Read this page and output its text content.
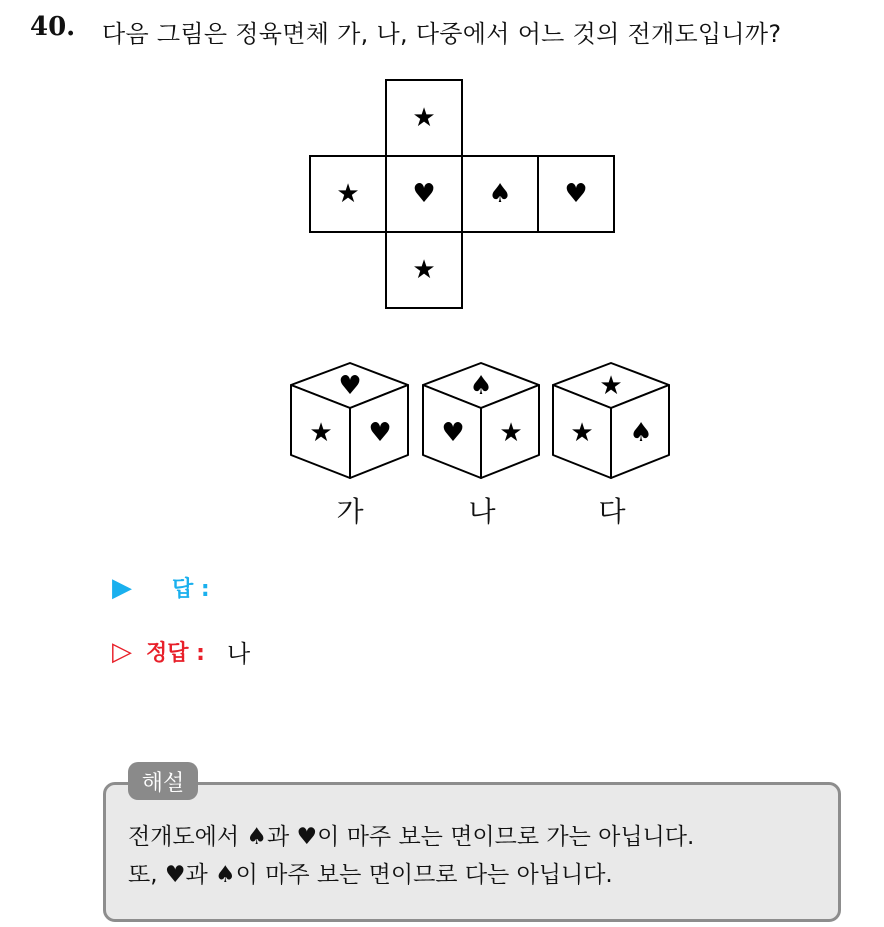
40. 다음 그림은 정육면체 가, 나, 다중에서 어느 것의 전개도입니까?
★
★ ♥ ♠ ♥
★
♥
★ ♥
♠
♥ ★
★
★ ♠
가	나	다
▶	답 :
▷ 정답 : 나
해설
전개도에서 ♠과 ♥이 마주 보는 면이므로 가는 아닙니다.
또, ♥과 ♠이 마주 보는 면이므로 다는 아닙니다.
